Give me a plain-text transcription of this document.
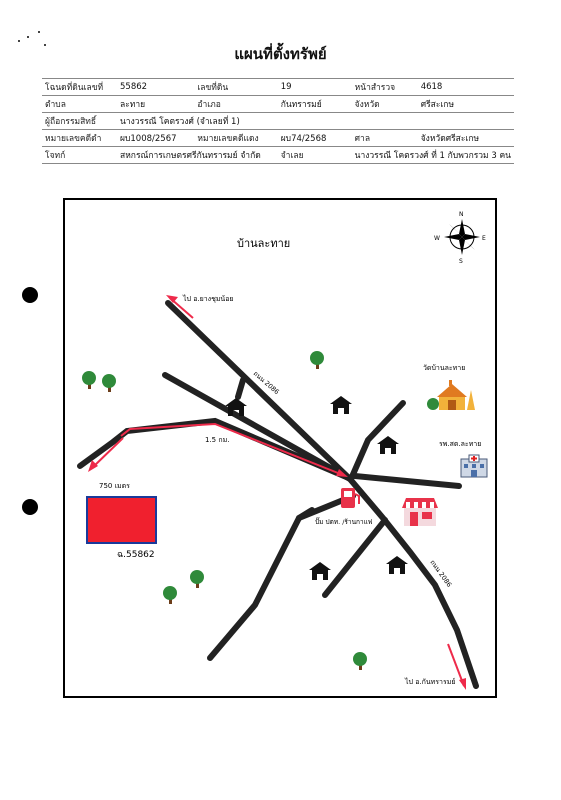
แผนที่ตั้งทรัพย์
โฉนดที่ดินเลขที่	55862	เลขที่ดิน	19	หน้าสำรวจ	4618
ตำบล	ละทาย	อำเภอ	กันทรารมย์	จังหวัด	ศรีสะเกษ
ผู้ถือกรรมสิทธิ์	นางวรรณี โคตรวงศ์ (จำเลยที่ 1)				
หมายเลขคดีดำ	ผบ1008/2567	หมายเลขคดีแดง	ผบ74/2568	ศาล	จังหวัดศรีสะเกษ
โจทก์	สหกรณ์การเกษตรศรีกันทรารมย์ จำกัด		จำเลย	นางวรรณี โคตรวงศ์ ที่ 1 กับพวกรวม 3 คน	
ฉ.55862
บ้านละทาย
ไป อ.ยางชุมน้อย
ไป อ.กันทรารมย์
ถนน 2086
ถนน 2086
1.5 กม.
750 เมตร
วัดบ้านละทาย
รพ.สต.ละทาย
ปั๊ม ปตท. /ร้านกาแฟ
N
S
E
W
